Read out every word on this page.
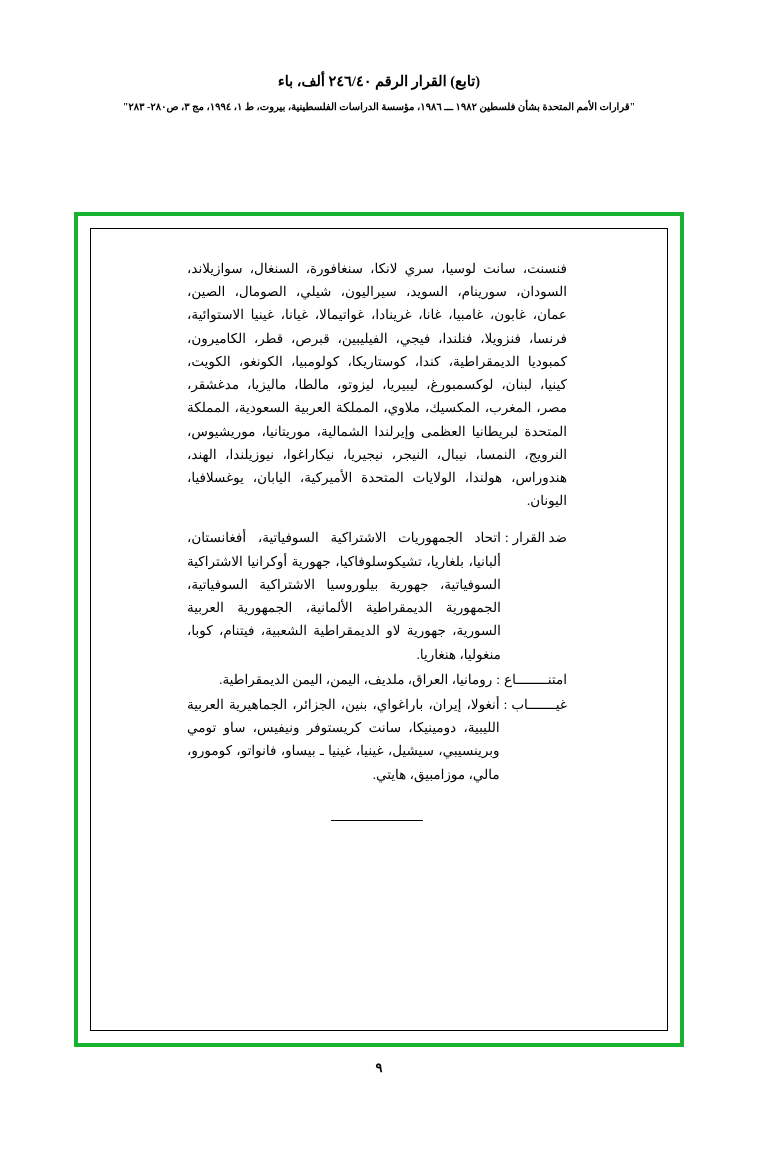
(تابع) القرار الرقم ٢٤٦/٤٠ ألف، باء
"قرارات الأمم المتحدة بشأن فلسطين ١٩٨٢ ـــ ١٩٨٦، مؤسسة الدراسات الفلسطينية، بيروت، ط ١، ١٩٩٤، مج ٣، ص٢٨٠- ٢٨٣"

فنسنت، سانت لوسيا، سري لانكا، سنغافورة، السنغال، سوازيلاند، السودان، سورينام، السويد، سيراليون، شيلي، الصومال، الصين، عمان، غابون، غامبيا، غانا، غرينادا، غواتيمالا، غيانا، غينيا الاستوائية، فرنسا، فنزويلا، فنلندا، فيجي، الفيليبين، قبرص، قطر، الكاميرون، كمبوديا الديمقراطية، كندا، كوستاريكا، كولومبيا، الكونغو، الكويت، كينيا، لبنان، لوكسمبورغ، ليبيريا، ليزوتو، مالطا، ماليزيا، مدغشقر، مصر، المغرب، المكسيك، ملاوي، المملكة العربية السعودية، المملكة المتحدة لبريطانيا العظمى وإيرلندا الشمالية، موريتانيا، موريشيوس، النرويج، النمسا، نيبال، النيجر، نيجيريا، نيكاراغوا، نيوزيلندا، الهند، هندوراس، هولندا، الولايات المتحدة الأميركية، اليابان، يوغسلافيا، اليونان.

ضد القرار
:
اتحاد الجمهوريات الاشتراكية السوفياتية، أفغانستان، ألبانيا، بلغاريا، تشيكوسلوفاكيا، جهورية أوكرانيا الاشتراكية السوفياتية، جهورية بيلوروسيا الاشتراكية السوفياتية، الجمهورية الديمقراطية الألمانية، الجمهورية العربية السورية، جهورية لاو الديمقراطية الشعبية، فيتنام، كوبا، منغوليا، هنغاريا.
امتنــــــــاع
:
رومانيا، العراق، ملديف، اليمن، اليمن الديمقراطية.
غيـــــــاب
:
أنغولا، إيران، باراغواي، بنين، الجزائر، الجماهيرية العربية الليبية، دومينيكا، سانت كريستوفر ونيفيس، ساو تومي وبرينسيبي، سيشيل، غينيا، غينيا ـ بيساو، فانواتو، كومورو، مالي، موزامبيق، هايتي.
٩
